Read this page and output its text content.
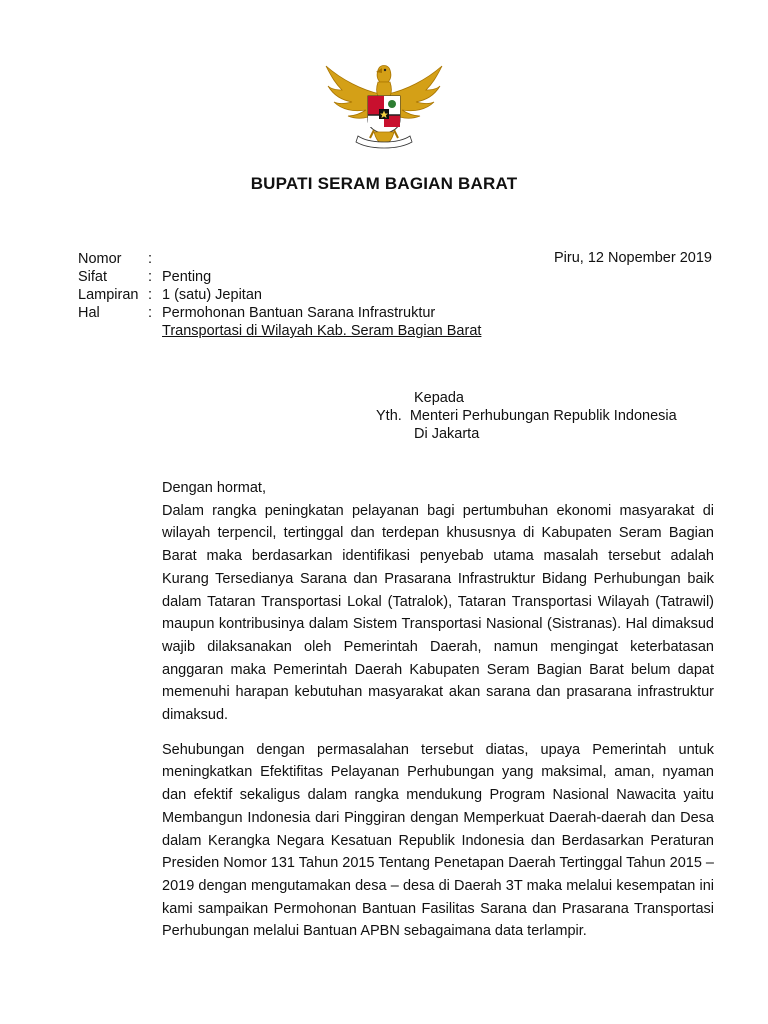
BUPATI SERAM BAGIAN BARAT
Nomor	:
Sifat	: Penting
Lampiran : 1 (satu) Jepitan
Hal	: Permohonan Bantuan Sarana Infrastruktur
Transportasi di Wilayah Kab. Seram Bagian Barat
Piru, 12 Nopember 2019
Kepada
Yth.  Menteri Perhubungan Republik Indonesia
Di Jakarta

Dengan hormat,

Dalam rangka peningkatan pelayanan bagi pertumbuhan ekonomi masyarakat di wilayah terpencil, tertinggal dan terdepan khususnya di Kabupaten Seram Bagian Barat maka berdasarkan identifikasi penyebab utama masalah tersebut adalah Kurang Tersedianya Sarana dan Prasarana Infrastruktur Bidang Perhubungan baik dalam Tataran Transportasi Lokal (Tatralok), Tataran Transportasi Wilayah (Tatrawil) maupun kontribusinya dalam Sistem Transportasi Nasional (Sistranas). Hal dimaksud wajib dilaksanakan oleh Pemerintah Daerah, namun mengingat keterbatasan anggaran maka Pemerintah Daerah Kabupaten Seram Bagian Barat belum dapat memenuhi harapan kebutuhan masyarakat akan sarana dan prasarana infrastruktur dimaksud.

Sehubungan dengan permasalahan tersebut diatas, upaya Pemerintah untuk meningkatkan Efektifitas Pelayanan Perhubungan yang maksimal, aman, nyaman dan efektif sekaligus dalam rangka mendukung Program Nasional Nawacita yaitu Membangun Indonesia dari Pinggiran dengan Memperkuat Daerah-daerah dan Desa dalam Kerangka Negara Kesatuan Republik Indonesia dan Berdasarkan Peraturan Presiden Nomor 131 Tahun 2015 Tentang Penetapan Daerah Tertinggal Tahun 2015 – 2019 dengan mengutamakan desa – desa di Daerah 3T maka melalui kesempatan ini kami sampaikan Permohonan Bantuan Fasilitas Sarana dan Prasarana Transportasi Perhubungan melalui Bantuan APBN sebagaimana data terlampir.
